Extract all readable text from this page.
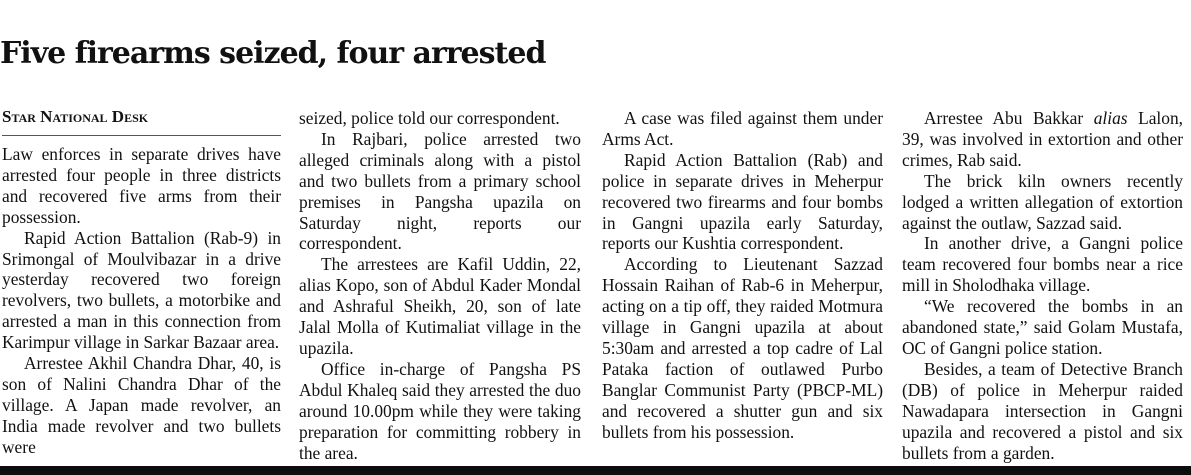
Five firearms seized, four arrested
Star National Desk

Law enforces in separate drives have arrested four people in three districts and recovered five arms from their possession.

Rapid Action Battalion (Rab-9) in Srimongal of Moulvibazar in a drive yesterday recovered two foreign revolvers, two bullets, a motorbike and arrested a man in this connection from Karimpur village in Sarkar Bazaar area.

Arrestee Akhil Chandra Dhar, 40, is son of Nalini Chandra Dhar of the village. A Japan made revolver, an India made revolver and two bullets were

seized, police told our correspondent.

In Rajbari, police arrested two alleged criminals along with a pistol and two bullets from a primary school premises in Pangsha upazila on Saturday night, reports our correspondent.

The arrestees are Kafil Uddin, 22, alias Kopo, son of Abdul Kader Mondal and Ashraful Sheikh, 20, son of late Jalal Molla of Kutimaliat village in the upazila.

Office in-charge of Pangsha PS Abdul Khaleq said they arrested the duo around 10.00pm while they were taking preparation for committing robbery in the area.

A case was filed against them under Arms Act.

Rapid Action Battalion (Rab) and police in separate drives in Meherpur recovered two firearms and four bombs in Gangni upazila early Saturday, reports our Kushtia correspondent.

According to Lieutenant Sazzad Hossain Raihan of Rab-6 in Meherpur, acting on a tip off, they raided Motmura village in Gangni upazila at about 5:30am and arrested a top cadre of Lal Pataka faction of outlawed Purbo Banglar Communist Party (PBCP-ML) and recovered a shutter gun and six bullets from his possession.

Arrestee Abu Bakkar alias Lalon, 39, was involved in extortion and other crimes, Rab said.

The brick kiln owners recently lodged a written allegation of extortion against the outlaw, Sazzad said.

In another drive, a Gangni police team recovered four bombs near a rice mill in Sholodhaka village.

“We recovered the bombs in an abandoned state,” said Golam Mustafa, OC of Gangni police station.

Besides, a team of Detective Branch (DB) of police in Meherpur raided Nawadapara intersection in Gangni upazila and recovered a pistol and six bullets from a garden.
